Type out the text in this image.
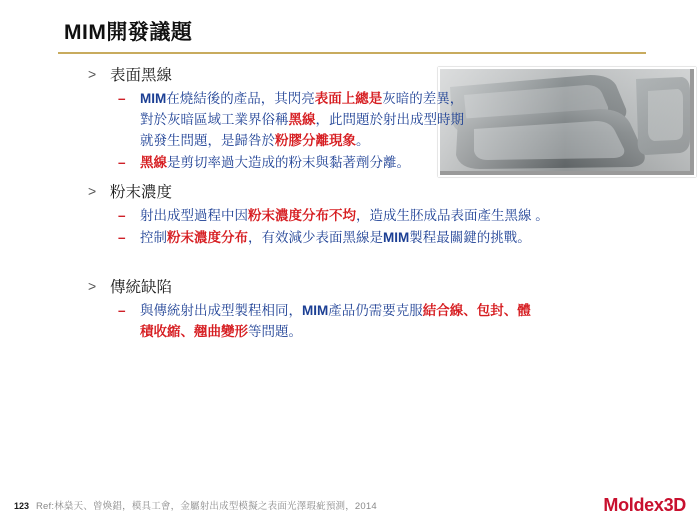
MIM開發議題
> 表面黑線
– MIM在燒結後的產品，其閃亮表面上總是灰暗的差異，對於灰暗區域工業界俗稱黑線，此問題於射出成型時期就發生問題，是歸咎於粉膠分離現象。
– 黑線是剪切率過大造成的粉末與黏著劑分離。
> 粉末濃度
– 射出成型過程中因粉末濃度分布不均，造成生胚成品表面產生黑線 。
– 控制粉末濃度分布，有效減少表面黑線是MIM製程最關鍵的挑戰。
> 傳統缺陷
– 與傳統射出成型製程相同，MIM產品仍需要克服結合線、包封、體積收縮、翹曲變形等問題。
123 Ref:林燊天、曾煥錩，模具工會，金屬射出成型模擬之表面光澤瑕疵預測，2014	Moldex3D
